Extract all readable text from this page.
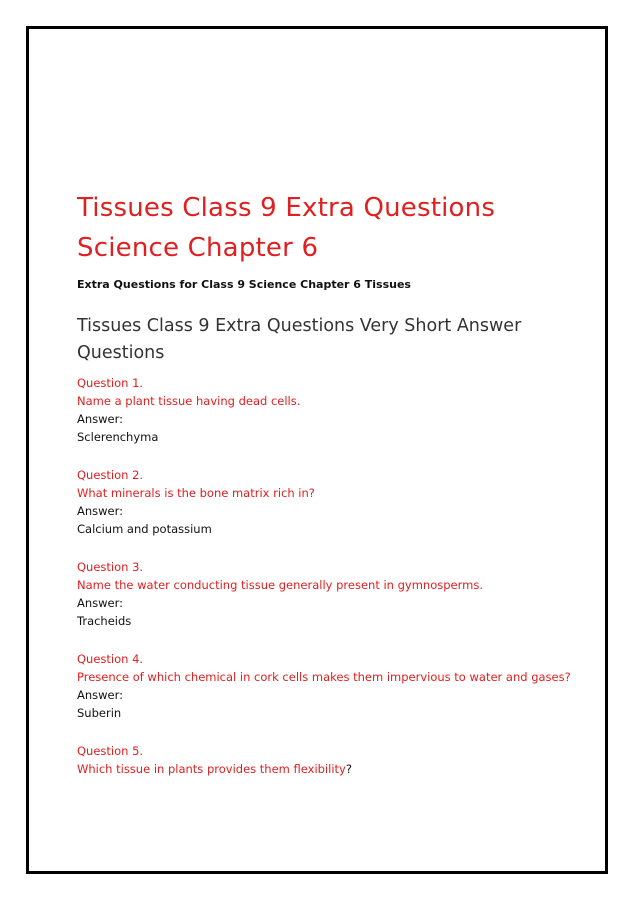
Tissues Class 9 Extra Questions
Science Chapter 6

Extra Questions for Class 9 Science Chapter 6 Tissues

Tissues Class 9 Extra Questions Very Short Answer Questions

Question 1.

Name a plant tissue having dead cells.

Answer:

Sclerenchyma

Question 2.

What minerals is the bone matrix rich in?

Answer:

Calcium and potassium

Question 3.

Name the water conducting tissue generally present in gymnosperms.

Answer:

Tracheids

Question 4.

Presence of which chemical in cork cells makes them impervious to water and gases?

Answer:

Suberin

Question 5.

Which tissue in plants provides them flexibility?
